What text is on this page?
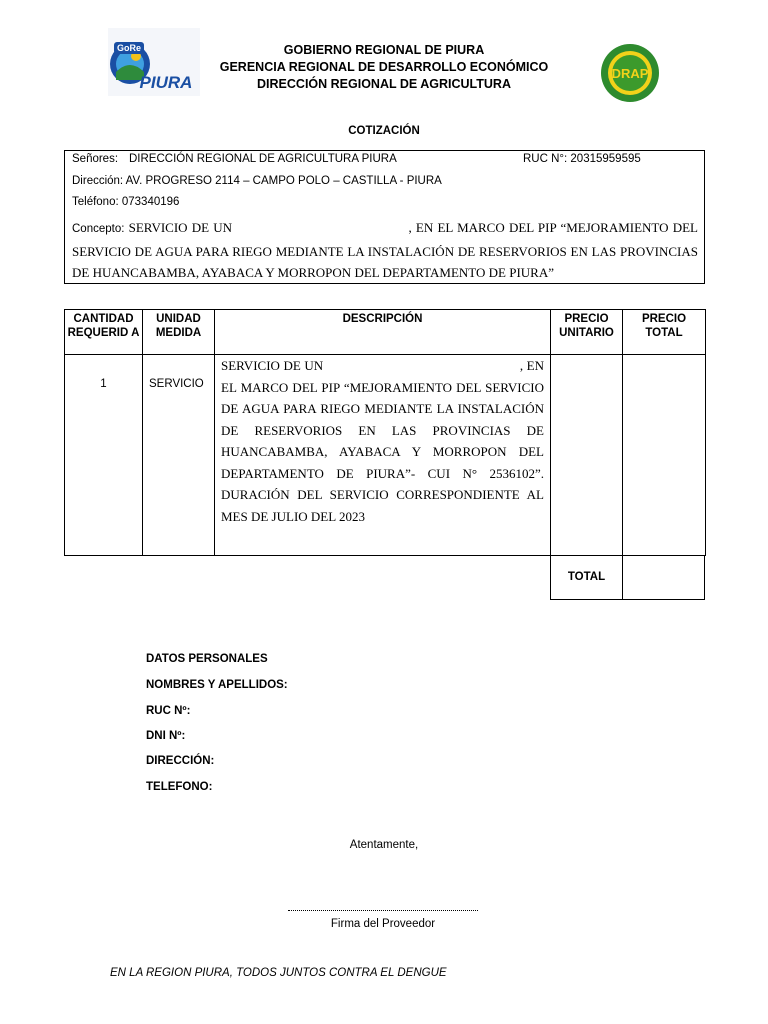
GoRe
PIURA
GOBIERNO REGIONAL DE PIURA
GERENCIA REGIONAL DE DESARROLLO ECONÓMICO
DIRECCIÓN REGIONAL DE AGRICULTURA
DRAP
COTIZACIÓN
Señores: DIRECCIÓN REGIONAL DE AGRICULTURA PIURA	RUC N°: 20315959595
Dirección: AV. PROGRESO 2114 – CAMPO POLO – CASTILLA - PIURA
Teléfono: 073340196
Concepto: SERVICIO DE UN                                          , EN EL MARCO DEL PIP “MEJORAMIENTO DEL SERVICIO DE AGUA PARA RIEGO MEDIANTE LA INSTALACIÓN DE RESERVORIOS EN LAS PROVINCIAS DE HUANCABAMBA, AYABACA Y MORROPON DEL DEPARTAMENTO DE PIURA”
CANTIDAD REQUERID A	UNIDAD MEDIDA	DESCRIPCIÓN	PRECIO UNITARIO	PRECIO TOTAL
1	SERVICIO	SERVICIO DE UN                                                       , EN EL MARCO DEL PIP “MEJORAMIENTO DEL SERVICIO DE AGUA PARA RIEGO MEDIANTE LA INSTALACIÓN DE RESERVORIOS EN LAS PROVINCIAS DE HUANCABAMBA, AYABACA Y MORROPON DEL DEPARTAMENTO DE PIURA”- CUI N° 2536102”. DURACIÓN DEL SERVICIO CORRESPONDIENTE AL MES DE JULIO DEL 2023		
TOTAL
DATOS PERSONALES
NOMBRES Y APELLIDOS:
RUC Nº:
DNI Nº:
DIRECCIÓN:
TELEFONO:
Atentamente,
Firma del Proveedor
EN LA REGION PIURA, TODOS JUNTOS CONTRA EL DENGUE
